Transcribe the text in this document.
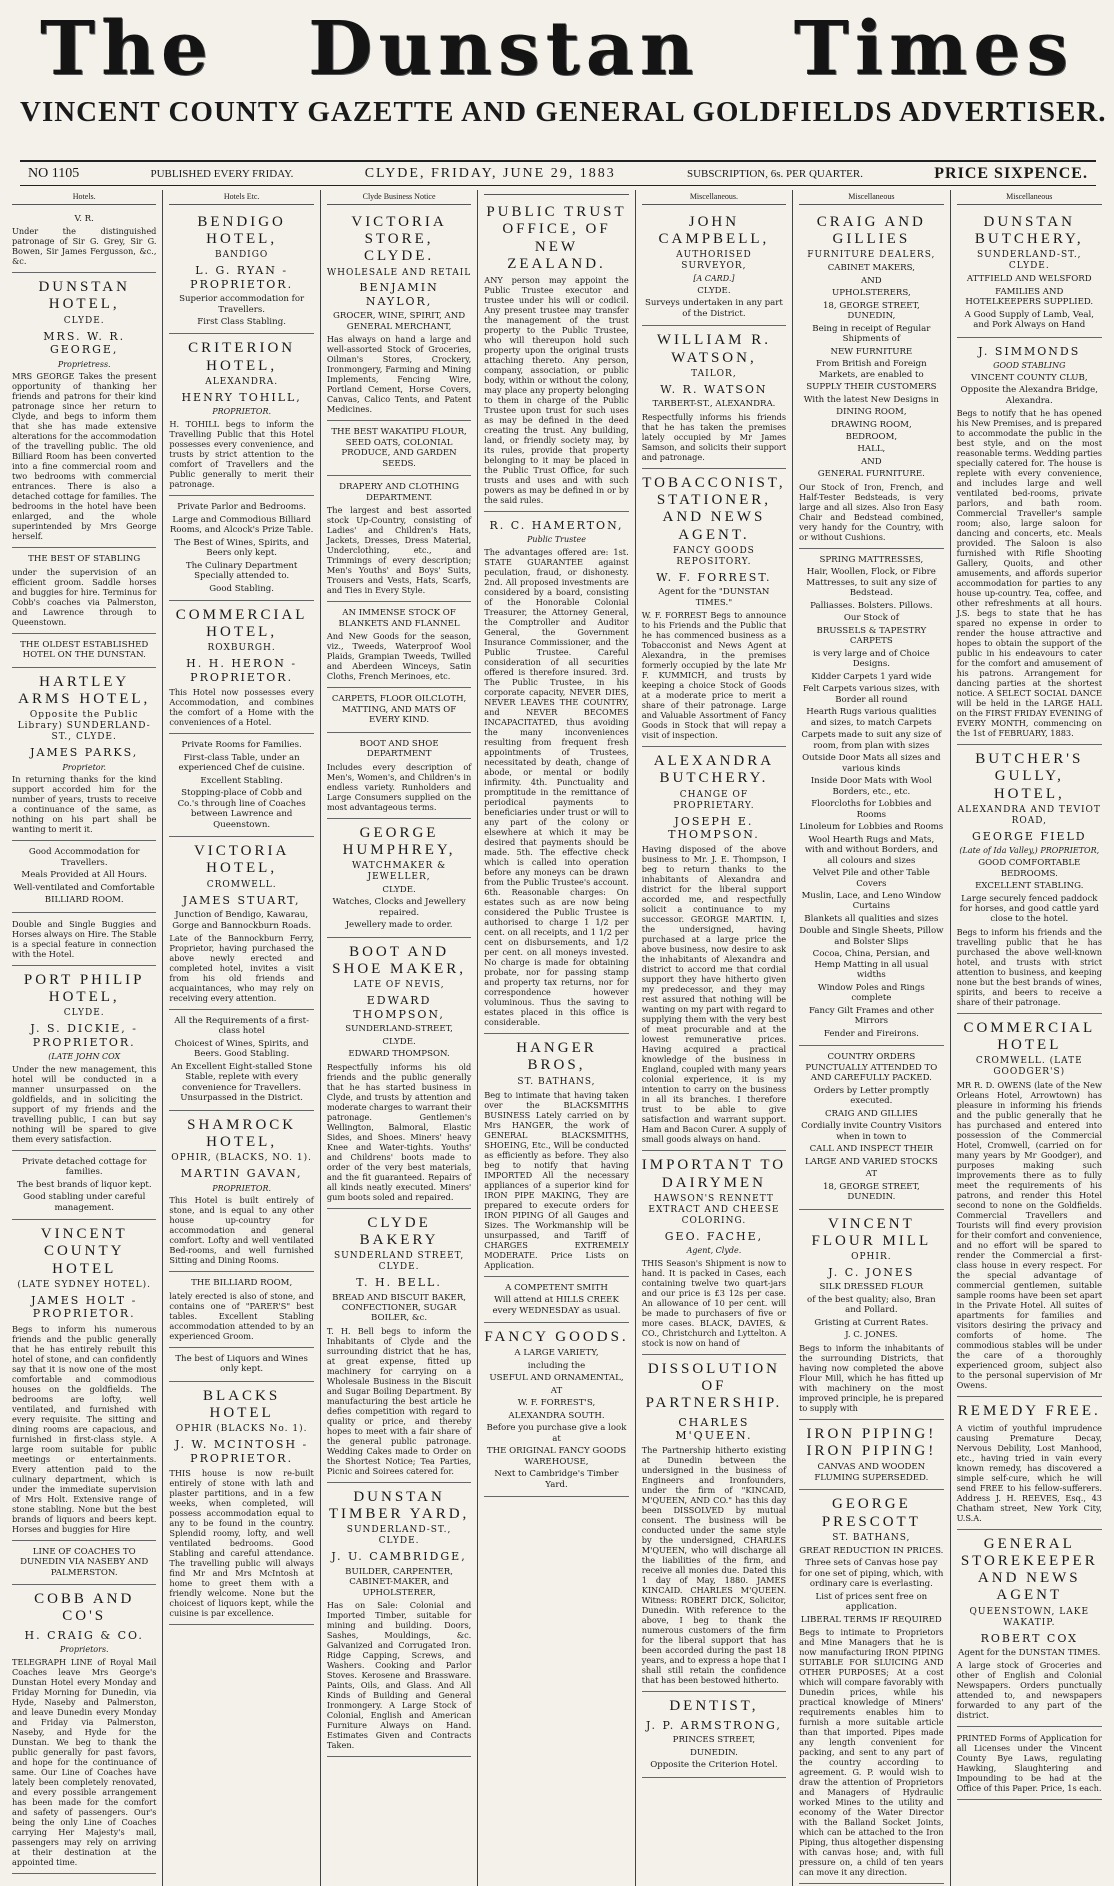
The Dunstan Times
VINCENT COUNTY GAZETTE AND GENERAL GOLDFIELDS ADVERTISER.
NO 1105	PUBLISHED EVERY FRIDAY.	CLYDE, FRIDAY, JUNE 29, 1883	SUBSCRIPTION, 6s. PER QUARTER.	PRICE SIXPENCE.
Hotels.
V. R.
Under the distinguished patronage of Sir G. Grey, Sir G. Bowen, Sir James Fergusson, &c., &c.
DUNSTAN HOTEL,
CLYDE.
MRS. W. R. GEORGE,
Proprietress.
MRS GEORGE Takes the present opportunity of thanking her friends and patrons for their kind patronage since her return to Clyde, and begs to inform them that she has made extensive alterations for the accommodation of the travelling public. The old Billiard Room has been converted into a fine commercial room and two bedrooms with commercial entrances. There is also a detached cottage for families. The bedrooms in the hotel have been enlarged, and the whole superintended by Mrs George herself.
THE BEST OF STABLING
under the supervision of an efficient groom. Saddle horses and buggies for hire. Terminus for Cobb's coaches via Palmerston, and Lawrence through to Queenstown.
THE OLDEST ESTABLISHED HOTEL ON THE DUNSTAN.
HARTLEY ARMS HOTEL,
Opposite the Public Library) SUNDERLAND-ST., CLYDE.
JAMES PARKS,
Proprietor.
In returning thanks for the kind support accorded him for the number of years, trusts to receive a continuance of the same, as nothing on his part shall be wanting to merit it.
Good Accommodation for Travellers.
Meals Provided at All Hours.
Well-ventilated and Comfortable
BILLIARD ROOM.
Double and Single Buggies and Horses always on Hire. The Stable is a special feature in connection with the Hotel.
PORT PHILIP HOTEL,
CLYDE.
J. S. DICKIE, - PROPRIETOR.
(LATE JOHN COX
Under the new management, this hotel will be conducted in a manner unsurpassed on the goldfields, and in soliciting the support of my friends and the travelling public, I can but say nothing will be spared to give them every satisfaction.
Private detached cottage for families.
The best brands of liquor kept.
Good stabling under careful management.
VINCENT COUNTY HOTEL
(LATE SYDNEY HOTEL).
JAMES HOLT - PROPRIETOR.
Begs to inform his numerous friends and the public generally that he has entirely rebuilt this hotel of stone, and can confidently say that it is now one of the most comfortable and commodious houses on the goldfields. The bedrooms are lofty, well ventilated, and furnished with every requisite. The sitting and dining rooms are capacious, and furnished in first-class style. A large room suitable for public meetings or entertainments. Every attention paid to the culinary department, which is under the immediate supervision of Mrs Holt. Extensive range of stone stabling. None but the best brands of liquors and beers kept. Horses and buggies for Hire
LINE OF COACHES TO DUNEDIN VIA NASEBY AND PALMERSTON.
COBB AND CO'S
H. CRAIG & CO.
Proprietors.
TELEGRAPH LINE of Royal Mail Coaches leave Mrs George's Dunstan Hotel every Monday and Friday Morning for Dunedin, via Hyde, Naseby and Palmerston, and leave Dunedin every Monday and Friday via Palmerston, Naseby, and Hyde for the Dunstan. We beg to thank the public generally for past favors, and hope for the continuance of same. Our Line of Coaches have lately been completely renovated, and every possible arrangement has been made for the comfort and safety of passengers. Our's being the only Line of Coaches carrying Her Majesty's mail, passengers may rely on arriving at their destination at the appointed time.
Hotels Etc.
BENDIGO HOTEL,
BANDIGO
L. G. RYAN - PROPRIETOR.
Superior accommodation for Travellers.
First Class Stabling.
CRITERION HOTEL,
ALEXANDRA.
HENRY TOHILL,
PROPRIETOR.
H. TOHILL begs to inform the Travelling Public that this Hotel possesses every convenience, and trusts by strict attention to the comfort of Travellers and the Public generally to merit their patronage.
Private Parlor and Bedrooms.
Large and Commodious Billiard Rooms, and Alcock's Prize Table.
The Best of Wines, Spirits, and Beers only kept.
The Culinary Department Specially attended to.
Good Stabling.
COMMERCIAL HOTEL,
ROXBURGH.
H. H. HERON - PROPRIETOR.
This Hotel now possesses every Accommodation, and combines the comfort of a Home with the conveniences of a Hotel.
Private Rooms for Families.
First-class Table, under an experienced Chef de cuisine.
Excellent Stabling.
Stopping-place of Cobb and Co.'s through line of Coaches between Lawrence and Queenstown.
VICTORIA HOTEL,
CROMWELL.
JAMES STUART,
Junction of Bendigo, Kawarau, Gorge and Bannockburn Roads.
Late of the Bannockburn Ferry, Proprietor, having purchased the above newly erected and completed hotel, invites a visit from his old friends and acquaintances, who may rely on receiving every attention.
All the Requirements of a first-class hotel
Choicest of Wines, Spirits, and Beers. Good Stabling.
An Excellent Eight-stalled Stone Stable, replete with every convenience for Travellers. Unsurpassed in the District.
SHAMROCK HOTEL,
OPHIR, (BLACKS, NO. 1).
MARTIN GAVAN,
PROPRIETOR.
This Hotel is built entirely of stone, and is equal to any other house up-country for accommodation and general comfort. Lofty and well ventilated Bed-rooms, and well furnished Sitting and Dining Rooms.
THE BILLIARD ROOM,
lately erected is also of stone, and contains one of "PARER'S" best tables. Excellent Stabling accommodation attended to by an experienced Groom.
The best of Liquors and Wines only kept.
BLACKS HOTEL
OPHIR (BLACKS No. 1).
J. W. MCINTOSH - PROPRIETOR.
THIS house is now re-built entirely of stone with lath and plaster partitions, and in a few weeks, when completed, will possess accommodation equal to any to be found in the country. Splendid roomy, lofty, and well ventilated bedrooms. Good Stabling and careful attendance. The travelling public will always find Mr and Mrs McIntosh at home to greet them with a friendly welcome. None but the choicest of liquors kept, while the cuisine is par excellence.
Clyde Business Notice
VICTORIA STORE, CLYDE.
WHOLESALE AND RETAIL
BENJAMIN NAYLOR,
GROCER, WINE, SPIRIT, AND GENERAL MERCHANT,
Has always on hand a large and well-assorted Stock of Groceries, Oilman's Stores, Crockery, Ironmongery, Farming and Mining Implements, Fencing Wire, Portland Cement, Horse Covers, Canvas, Calico Tents, and Patent Medicines.
THE BEST WAKATIPU FLOUR, SEED OATS, COLONIAL PRODUCE, AND GARDEN SEEDS.
DRAPERY AND CLOTHING DEPARTMENT.
The largest and best assorted stock Up-Country, consisting of Ladies' and Children's Hats, Jackets, Dresses, Dress Material, Underclothing, etc., and Trimmings of every description; Men's Youths' and Boys' Suits, Trousers and Vests, Hats, Scarfs, and Ties in Every Style.
AN IMMENSE STOCK OF BLANKETS AND FLANNEL
And New Goods for the season, viz., Tweeds, Waterproof Wool Plaids, Grampian Tweeds, Twilled and Aberdeen Winceys, Satin Cloths, French Merinoes, etc.
CARPETS, FLOOR OILCLOTH, MATTING, AND MATS OF EVERY KIND.
BOOT AND SHOE DEPARTMENT
Includes every description of Men's, Women's, and Children's in endless variety. Runholders and Large Consumers supplied on the most advantageous terms.
GEORGE HUMPHREY,
WATCHMAKER & JEWELLER,
CLYDE.
Watches, Clocks and Jewellery repaired.
Jewellery made to order.
BOOT AND SHOE MAKER,
LATE OF NEVIS,
EDWARD THOMPSON,
SUNDERLAND-STREET,
CLYDE.
EDWARD THOMPSON.
Respectfully informs his old friends and the public generally that he has started business in Clyde, and trusts by attention and moderate charges to warrant their patronage. Gentlemen's Wellington, Balmoral, Elastic Sides, and Shoes. Miners' heavy Knee and Water-tights. Youths' and Childrens' boots made to order of the very best materials, and the fit guaranteed. Repairs of all kinds neatly executed. Miners' gum boots soled and repaired.
CLYDE BAKERY
SUNDERLAND STREET, CLYDE.
T. H. BELL.
BREAD AND BISCUIT BAKER, CONFECTIONER, SUGAR BOILER, &c.
T. H. Bell begs to inform the Inhabitants of Clyde and the surrounding district that he has, at great expense, fitted up machinery for carrying on a Wholesale Business in the Biscuit and Sugar Boiling Department. By manufacturing the best article he defies competition with regard to quality or price, and thereby hopes to meet with a fair share of the general public patronage. Wedding Cakes made to Order on the Shortest Notice; Tea Parties, Picnic and Soirees catered for.
DUNSTAN TIMBER YARD,
SUNDERLAND-ST., CLYDE.
J. U. CAMBRIDGE,
BUILDER, CARPENTER, CABINET-MAKER, and UPHOLSTERER,
Has on Sale: Colonial and Imported Timber, suitable for mining and building. Doors, Sashes, Mouldings, &c. Galvanized and Corrugated Iron. Ridge Capping, Screws, and Washers. Cooking and Parlor Stoves. Kerosene and Brassware. Paints, Oils, and Glass. And All Kinds of Building and General Ironmongery. A Large Stock of Colonial, English and American Furniture Always on Hand. Estimates Given and Contracts Taken.
PUBLIC TRUST OFFICE, OF NEW ZEALAND.
ANY person may appoint the Public Trustee executor and trustee under his will or codicil. Any present trustee may transfer the management of the trust property to the Public Trustee, who will thereupon hold such property upon the original trusts attaching thereto. Any person, company, association, or public body, within or without the colony, may place any property belonging to them in charge of the Public Trustee upon trust for such uses as may be defined in the deed creating the trust. Any building, land, or friendly society may, by its rules, provide that property belonging to it may be placed in the Public Trust Office, for such trusts and uses and with such powers as may be defined in or by the said rules.
R. C. HAMERTON,
Public Trustee
The advantages offered are: 1st. STATE GUARANTEE against peculation, fraud, or dishonesty. 2nd. All proposed investments are considered by a board, consisting of the Honorable Colonial Treasurer, the Attorney General, the Comptroller and Auditor General, the Government Insurance Commissioner, and the Public Trustee. Careful consideration of all securities offered is therefore insured. 3rd. The Public Trustee, in his corporate capacity, NEVER DIES, NEVER LEAVES THE COUNTRY, and NEVER BECOMES INCAPACITATED, thus avoiding the many inconveniences resulting from frequent fresh appointments of Trustees, necessitated by death, change of abode, or mental or bodily infirmity. 4th. Punctuality and promptitude in the remittance of periodical payments to beneficiaries under trust or will to any part of the colony or elsewhere at which it may be desired that payments should be made. 5th. The effective check which is called into operation before any moneys can be drawn from the Public Trustee's account. 6th. Reasonable charges: On estates such as are now being considered the Public Trustee is authorised to charge 1 1/2 per cent. on all receipts, and 1 1/2 per cent on disbursements, and 1/2 per cent. on all moneys invested. No charge is made for obtaining probate, nor for passing stamp and property tax returns, nor for correspondence however voluminous. Thus the saving to estates placed in this office is considerable.
HANGER BROS,
ST. BATHANS,
Beg to intimate that having taken over the BLACKSMITHS BUSINESS Lately carried on by Mrs HANGER, the work of GENERAL BLACKSMITHS, SHOEING, Etc., Will be conducted as efficiently as before. They also beg to notify that having IMPORTED All the necessary appliances of a superior kind for IRON PIPE MAKING, They are prepared to execute orders for IRON PIPING Of all Gauges and Sizes. The Workmanship will be unsurpassed, and Tariff of CHARGES EXTREMELY MODERATE. Price Lists on Application.
A COMPETENT SMITH
Will attend at HILLS CREEK every WEDNESDAY as usual.
FANCY GOODS.
A LARGE VARIETY,
including the
USEFUL AND ORNAMENTAL,
AT
W. F. FORREST'S,
ALEXANDRA SOUTH.
Before you purchase give a look at
THE ORIGINAL FANCY GOODS WAREHOUSE,
Next to Cambridge's Timber Yard.
Miscellaneous.
JOHN CAMPBELL,
AUTHORISED SURVEYOR,
[A CARD.]
CLYDE.
Surveys undertaken in any part of the District.
WILLIAM R. WATSON,
TAILOR,
W. R. WATSON
TARBERT-ST., ALEXANDRA.
Respectfully informs his friends that he has taken the premises lately occupied by Mr James Samson, and solicits their support and patronage.
TOBACCONIST, STATIONER, AND NEWS AGENT.
FANCY GOODS REPOSITORY.
W. F. FORREST.
Agent for the "DUNSTAN TIMES."
W. F. FORREST Begs to announce to his Friends and the Public that he has commenced business as a Tobacconist and News Agent at Alexandra, in the premises formerly occupied by the late Mr F. KUMMICH, and trusts by keeping a choice Stock of Goods at a moderate price to merit a share of their patronage. Large and Valuable Assortment of Fancy Goods in Stock that will repay a visit of inspection.
ALEXANDRA BUTCHERY.
CHANGE OF PROPRIETARY.
JOSEPH E. THOMPSON.
Having disposed of the above business to Mr. J. E. Thompson, I beg to return thanks to the inhabitants of Alexandra and district for the liberal support accorded me, and respectfully solicit a continuance to my successor. GEORGE MARTIN. I, the undersigned, having purchased at a large price the above business, now desire to ask the inhabitants of Alexandra and district to accord me that cordial support they have hitherto given my predecessor, and they may rest assured that nothing will be wanting on my part with regard to supplying them with the very best of meat procurable and at the lowest remunerative prices. Having acquired a practical knowledge of the business in England, coupled with many years colonial experience, it is my intention to carry on the business in all its branches. I therefore trust to be able to give satisfaction and warrant support. Ham and Bacon Curer. A supply of small goods always on hand.
IMPORTANT TO DAIRYMEN
HAWSON'S RENNETT EXTRACT AND CHEESE COLORING.
GEO. FACHE,
Agent, Clyde.
THIS Season's Shipment is now to hand. It is packed in Cases, each containing twelve two quart-jars and our price is £3 12s per case. An allowance of 10 per cent. will be made to purchasers of five or more cases. BLACK, DAVIES, & CO., Christchurch and Lyttelton. A stock is now on hand of
DISSOLUTION OF PARTNERSHIP.
CHARLES M'QUEEN.
The Partnership hitherto existing at Dunedin between the undersigned in the business of Engineers and Ironfounders, under the firm of "KINCAID, M'QUEEN, AND CO." has this day been DISSOLVED by mutual consent. The business will be conducted under the same style by the undersigned, CHARLES M'QUEEN, who will discharge all the liabilities of the firm, and receive all monies due. Dated this 1 day of May, 1880. JAMES KINCAID. CHARLES M'QUEEN. Witness: ROBERT DICK, Solicitor, Dunedin. With reference to the above, I beg to thank the numerous customers of the firm for the liberal support that has been accorded during the past 18 years, and to express a hope that I shall still retain the confidence that has been bestowed hitherto.
DENTIST,
J. P. ARMSTRONG,
PRINCES STREET,
DUNEDIN.
Opposite the Criterion Hotel.
Miscellaneous
CRAIG AND GILLIES
FURNITURE DEALERS,
CABINET MAKERS,
AND
UPHOLSTERERS,
18, GEORGE STREET, DUNEDIN,
Being in receipt of Regular Shipments of
NEW FURNITURE
From British and Foreign Markets, are enabled to
SUPPLY THEIR CUSTOMERS
With the latest New Designs in
DINING ROOM,
DRAWING ROOM,
BEDROOM,
HALL,
AND
GENERAL FURNITURE.
Our Stock of Iron, French, and Half-Tester Bedsteads, is very large and all sizes. Also Iron Easy Chair and Bedstead combined, very handy for the Country, with or without Cushions.
SPRING MATTRESSES,
Hair, Woollen, Flock, or Fibre Mattresses, to suit any size of Bedstead.
Palliasses. Bolsters. Pillows.
Our Stock of
BRUSSELS & TAPESTRY CARPETS
is very large and of Choice Designs.
Kidder Carpets 1 yard wide
Felt Carpets various sizes, with Border all round
Hearth Rugs various qualities and sizes, to match Carpets
Carpets made to suit any size of room, from plan with sizes
Outside Door Mats all sizes and various kinds
Inside Door Mats with Wool Borders, etc., etc.
Floorcloths for Lobbies and Rooms
Linoleum for Lobbies and Rooms
Wool Hearth Rugs and Mats, with and without Borders, and all colours and sizes
Velvet Pile and other Table Covers
Muslin, Lace, and Leno Window Curtains
Blankets all qualities and sizes
Double and Single Sheets, Pillow and Bolster Slips
Cocoa, China, Persian, and Hemp Matting in all usual widths
Window Poles and Rings complete
Fancy Gilt Frames and other Mirrors
Fender and Fireirons.
COUNTRY ORDERS PUNCTUALLY ATTENDED TO AND CAREFULLY PACKED.
Orders by Letter promptly executed.
CRAIG AND GILLIES
Cordially invite Country Visitors when in town to
CALL AND INSPECT THEIR
LARGE AND VARIED STOCKS
AT
18, GEORGE STREET, DUNEDIN.
VINCENT FLOUR MILL
OPHIR.
J. C. JONES
SILK DRESSED FLOUR
of the best quality; also, Bran and Pollard.
Gristing at Current Rates.
J. C. JONES.
Begs to inform the inhabitants of the surrounding Districts, that having now completed the above Flour Mill, which he has fitted up with machinery on the most improved principle, he is prepared to supply with
IRON PIPING! IRON PIPING!
CANVAS AND WOODEN FLUMING SUPERSEDED.
GEORGE PRESCOTT
ST. BATHANS,
GREAT REDUCTION IN PRICES.
Three sets of Canvas hose pay for one set of piping, which, with ordinary care is everlasting.
List of prices sent free on application.
LIBERAL TERMS IF REQUIRED
Begs to intimate to Proprietors and Mine Managers that he is now manufacturing IRON PIPING SUITABLE FOR SLUICING AND OTHER PURPOSES; At a cost which will compare favorably with Dunedin prices, while his practical knowledge of Miners' requirements enables him to furnish a more suitable article than that imported. Pipes made any length convenient for packing, and sent to any part of the country according to agreement. G. P. would wish to draw the attention of Proprietors and Managers of Hydraulic worked Mines to the utility and economy of the Water Director with the Balland Socket Joints, which can be attached to the Iron Piping, thus altogether dispensing with canvas hose; and, with full pressure on, a child of ten years can move it any direction.
Miscellaneous
DUNSTAN BUTCHERY,
SUNDERLAND-ST., CLYDE.
ATTFIELD AND WELSFORD
FAMILIES AND HOTELKEEPERS SUPPLIED.
A Good Supply of Lamb, Veal, and Pork Always on Hand
J. SIMMONDS
GOOD STABLING
VINCENT COUNTY CLUB,
Opposite the Alexandra Bridge, Alexandra.
Begs to notify that he has opened his New Premises, and is prepared to accommodate the public in the best style, and on the most reasonable terms. Wedding parties specially catered for. The house is replete with every convenience, and includes large and well ventilated bed-rooms, private parlors, and bath room. Commercial Traveller's sample room; also, large saloon for dancing and concerts, etc. Meals provided. The Saloon is also furnished with Rifle Shooting Gallery, Quoits, and other amusements, and affords superior accommodation for parties to any house up-country. Tea, coffee, and other refreshments at all hours. J.S. begs to state that he has spared no expense in order to render the house attractive and hopes to obtain the support of the public in his endeavours to cater for the comfort and amusement of his patrons. Arrangement for dancing parties at the shortest notice. A SELECT SOCIAL DANCE will be held in the LARGE HALL on the FIRST FRIDAY EVENING of EVERY MONTH, commencing on the 1st of FEBRUARY, 1883.
BUTCHER'S GULLY, HOTEL,
ALEXANDRA AND TEVIOT ROAD,
GEORGE FIELD
(Late of Ida Valley,) PROPRIETOR,
GOOD COMFORTABLE BEDROOMS.
EXCELLENT STABLING.
Large securely fenced paddock for horses, and good cattle yard close to the hotel.
Begs to inform his friends and the travelling public that he has purchased the above well-known hotel, and trusts with strict attention to business, and keeping none but the best brands of wines, spirits, and beers to receive a share of their patronage.
COMMERCIAL HOTEL
CROMWELL. (LATE GOODGER'S)
MR R. D. OWENS (late of the New Orleans Hotel, Arrowtown) has pleasure in informing his friends and the public generally that he has purchased and entered into possession of the Commercial Hotel, Cromwell, (carried on for many years by Mr Goodger), and purposes making such improvements there as to fully meet the requirements of his patrons, and render this Hotel second to none on the Goldfields. Commercial Travellers and Tourists will find every provision for their comfort and convenience, and no effort will be spared to render the Commercial a first-class house in every respect. For the special advantage of commercial gentlemen, suitable sample rooms have been set apart in the Private Hotel. All suites of apartments for families and visitors desiring the privacy and comforts of home. The commodious stables will be under the care of a thoroughly experienced groom, subject also to the personal supervision of Mr Owens.
REMEDY FREE.
A victim of youthful imprudence causing Premature Decay, Nervous Debility, Lost Manhood, etc., having tried in vain every known remedy, has discovered a simple self-cure, which he will send FREE to his fellow-sufferers. Address J. H. REEVES, Esq., 43 Chatham street, New York City, U.S.A.
GENERAL STOREKEEPER AND NEWS AGENT
QUEENSTOWN, LAKE WAKATIP.
ROBERT COX
Agent for the DUNSTAN TIMES.
A large stock of Groceries and other of English and Colonial Newspapers. Orders punctually attended to, and newspapers forwarded to any part of the district.
PRINTED Forms of Application for all Licenses under the Vincent County Bye Laws, regulating Hawking, Slaughtering and Impounding to be had at the Office of this Paper. Price, 1s each.
